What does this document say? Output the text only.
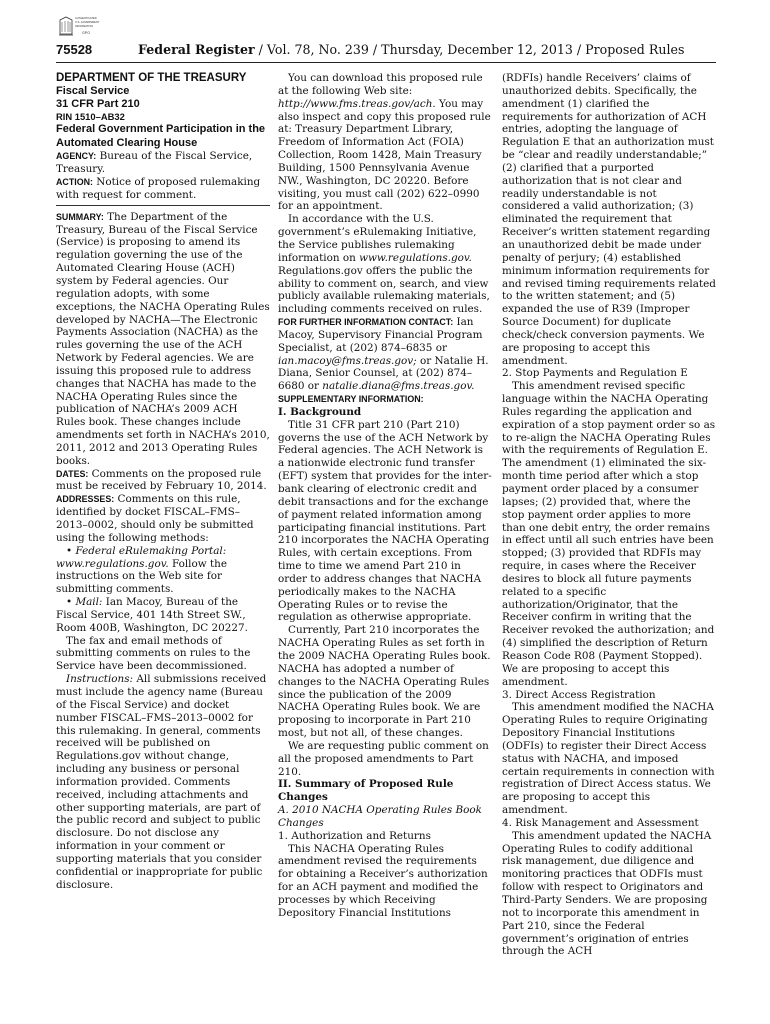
AUTHENTICATED
U.S. GOVERNMENT
INFORMATION
GPO
75528	Federal Register / Vol. 78, No. 239 / Thursday, December 12, 2013 / Proposed Rules

DEPARTMENT OF THE TREASURY

Fiscal Service

31 CFR Part 210

RIN 1510–AB32

Federal Government Participation in the Automated Clearing House

AGENCY: Bureau of the Fiscal Service, Treasury.

ACTION: Notice of proposed rulemaking with request for comment.

SUMMARY: The Department of the Treasury, Bureau of the Fiscal Service (Service) is proposing to amend its regulation governing the use of the Automated Clearing House (ACH) system by Federal agencies. Our regulation adopts, with some exceptions, the NACHA Operating Rules developed by NACHA—The Electronic Payments Association (NACHA) as the rules governing the use of the ACH Network by Federal agencies. We are issuing this proposed rule to address changes that NACHA has made to the NACHA Operating Rules since the publication of NACHA’s 2009 ACH Rules book. These changes include amendments set forth in NACHA’s 2010, 2011, 2012 and 2013 Operating Rules books.

DATES: Comments on the proposed rule must be received by February 10, 2014.

ADDRESSES: Comments on this rule, identified by docket FISCAL–FMS–2013–0002, should only be submitted using the following methods:

• Federal eRulemaking Portal: www.regulations.gov. Follow the instructions on the Web site for submitting comments.

• Mail: Ian Macoy, Bureau of the Fiscal Service, 401 14th Street SW., Room 400B, Washington, DC 20227.

The fax and email methods of submitting comments on rules to the Service have been decommissioned.

Instructions: All submissions received must include the agency name (Bureau of the Fiscal Service) and docket number FISCAL–FMS–2013–0002 for this rulemaking. In general, comments received will be published on Regulations.gov without change, including any business or personal information provided. Comments received, including attachments and other supporting materials, are part of the public record and subject to public disclosure. Do not disclose any information in your comment or supporting materials that you consider confidential or inappropriate for public disclosure.

You can download this proposed rule at the following Web site: http://www.fms.treas.gov/ach. You may also inspect and copy this proposed rule at: Treasury Department Library, Freedom of Information Act (FOIA) Collection, Room 1428, Main Treasury Building, 1500 Pennsylvania Avenue NW., Washington, DC 20220. Before visiting, you must call (202) 622–0990 for an appointment.

In accordance with the U.S. government’s eRulemaking Initiative, the Service publishes rulemaking information on www.regulations.gov. Regulations.gov offers the public the ability to comment on, search, and view publicly available rulemaking materials, including comments received on rules.

FOR FURTHER INFORMATION CONTACT: Ian Macoy, Supervisory Financial Program Specialist, at (202) 874–6835 or ian.macoy@fms.treas.gov; or Natalie H. Diana, Senior Counsel, at (202) 874–6680 or natalie.diana@fms.treas.gov.

SUPPLEMENTARY INFORMATION:

I. Background

Title 31 CFR part 210 (Part 210) governs the use of the ACH Network by Federal agencies. The ACH Network is a nationwide electronic fund transfer (EFT) system that provides for the inter-bank clearing of electronic credit and debit transactions and for the exchange of payment related information among participating financial institutions. Part 210 incorporates the NACHA Operating Rules, with certain exceptions. From time to time we amend Part 210 in order to address changes that NACHA periodically makes to the NACHA Operating Rules or to revise the regulation as otherwise appropriate.

Currently, Part 210 incorporates the NACHA Operating Rules as set forth in the 2009 NACHA Operating Rules book. NACHA has adopted a number of changes to the NACHA Operating Rules since the publication of the 2009 NACHA Operating Rules book. We are proposing to incorporate in Part 210 most, but not all, of these changes.

We are requesting public comment on all the proposed amendments to Part 210.

II. Summary of Proposed Rule Changes

A. 2010 NACHA Operating Rules Book Changes

1. Authorization and Returns

This NACHA Operating Rules amendment revised the requirements for obtaining a Receiver’s authorization for an ACH payment and modified the processes by which Receiving Depository Financial Institutions

(RDFIs) handle Receivers’ claims of unauthorized debits. Specifically, the amendment (1) clarified the requirements for authorization of ACH entries, adopting the language of Regulation E that an authorization must be “clear and readily understandable;” (2) clarified that a purported authorization that is not clear and readily understandable is not considered a valid authorization; (3) eliminated the requirement that Receiver’s written statement regarding an unauthorized debit be made under penalty of perjury; (4) established minimum information requirements for and revised timing requirements related to the written statement; and (5) expanded the use of R39 (Improper Source Document) for duplicate check/check conversion payments. We are proposing to accept this amendment.

2. Stop Payments and Regulation E

This amendment revised specific language within the NACHA Operating Rules regarding the application and expiration of a stop payment order so as to re-align the NACHA Operating Rules with the requirements of Regulation E. The amendment (1) eliminated the six-month time period after which a stop payment order placed by a consumer lapses; (2) provided that, where the stop payment order applies to more than one debit entry, the order remains in effect until all such entries have been stopped; (3) provided that RDFIs may require, in cases where the Receiver desires to block all future payments related to a specific authorization/Originator, that the Receiver confirm in writing that the Receiver revoked the authorization; and (4) simplified the description of Return Reason Code R08 (Payment Stopped). We are proposing to accept this amendment.

3. Direct Access Registration

This amendment modified the NACHA Operating Rules to require Originating Depository Financial Institutions (ODFIs) to register their Direct Access status with NACHA, and imposed certain requirements in connection with registration of Direct Access status. We are proposing to accept this amendment.

4. Risk Management and Assessment

This amendment updated the NACHA Operating Rules to codify additional risk management, due diligence and monitoring practices that ODFIs must follow with respect to Originators and Third-Party Senders. We are proposing not to incorporate this amendment in Part 210, since the Federal government’s origination of entries through the ACH
